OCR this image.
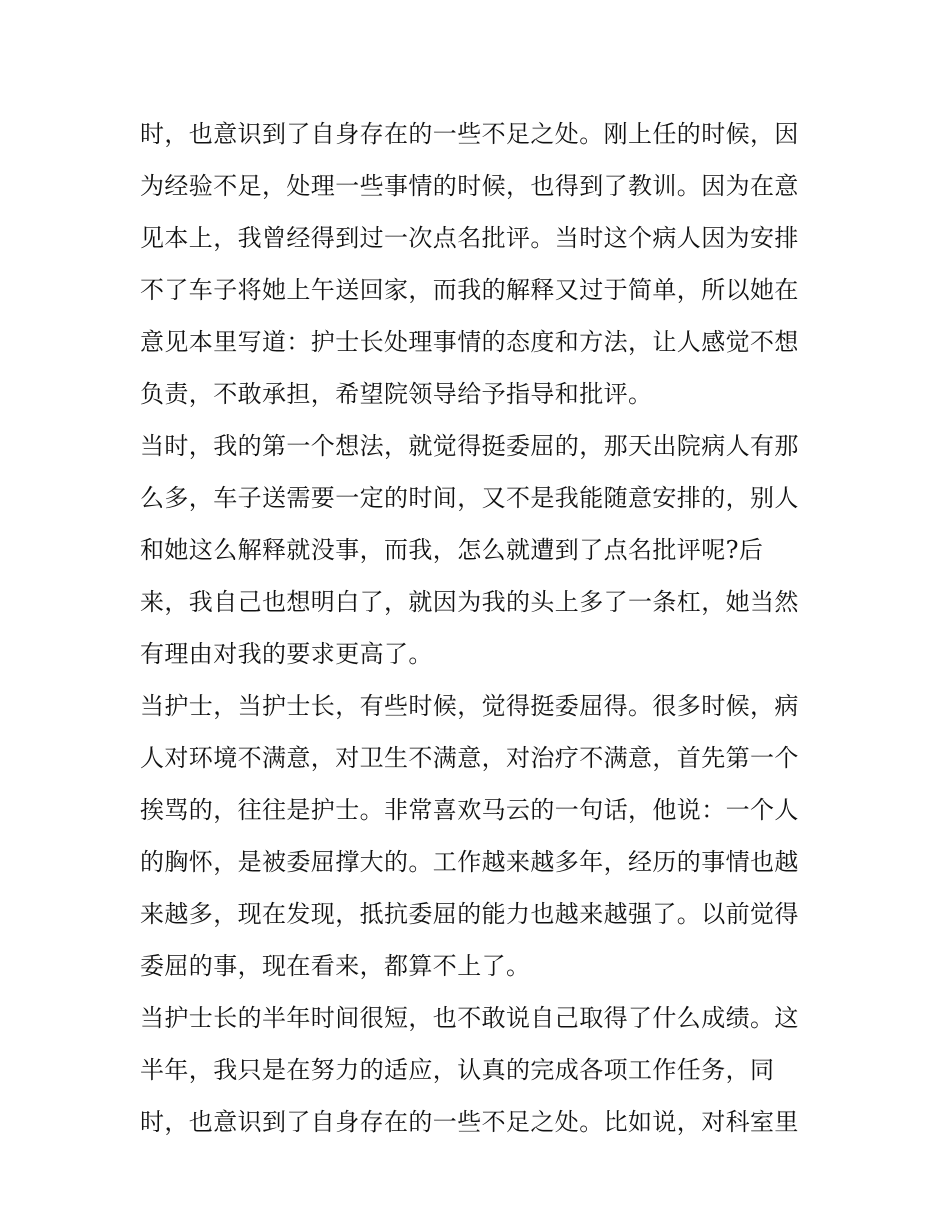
时，也意识到了自身存在的一些不足之处。刚上任的时候，因
为经验不足，处理一些事情的时候，也得到了教训。因为在意
见本上，我曾经得到过一次点名批评。当时这个病人因为安排
不了车子将她上午送回家，而我的解释又过于简单，所以她在
意见本里写道：护士长处理事情的态度和方法，让人感觉不想
负责，不敢承担，希望院领导给予指导和批评。
当时，我的第一个想法，就觉得挺委屈的，那天出院病人有那
么多，车子送需要一定的时间，又不是我能随意安排的，别人
和她这么解释就没事，而我，怎么就遭到了点名批评呢?后
来，我自己也想明白了，就因为我的头上多了一条杠，她当然
有理由对我的要求更高了。
当护士，当护士长，有些时候，觉得挺委屈得。很多时候，病
人对环境不满意，对卫生不满意，对治疗不满意，首先第一个
挨骂的，往往是护士。非常喜欢马云的一句话，他说：一个人
的胸怀，是被委屈撑大的。工作越来越多年，经历的事情也越
来越多，现在发现，抵抗委屈的能力也越来越强了。以前觉得
委屈的事，现在看来，都算不上了。
当护士长的半年时间很短，也不敢说自己取得了什么成绩。这
半年，我只是在努力的适应，认真的完成各项工作任务，同
时，也意识到了自身存在的一些不足之处。比如说，对科室里
